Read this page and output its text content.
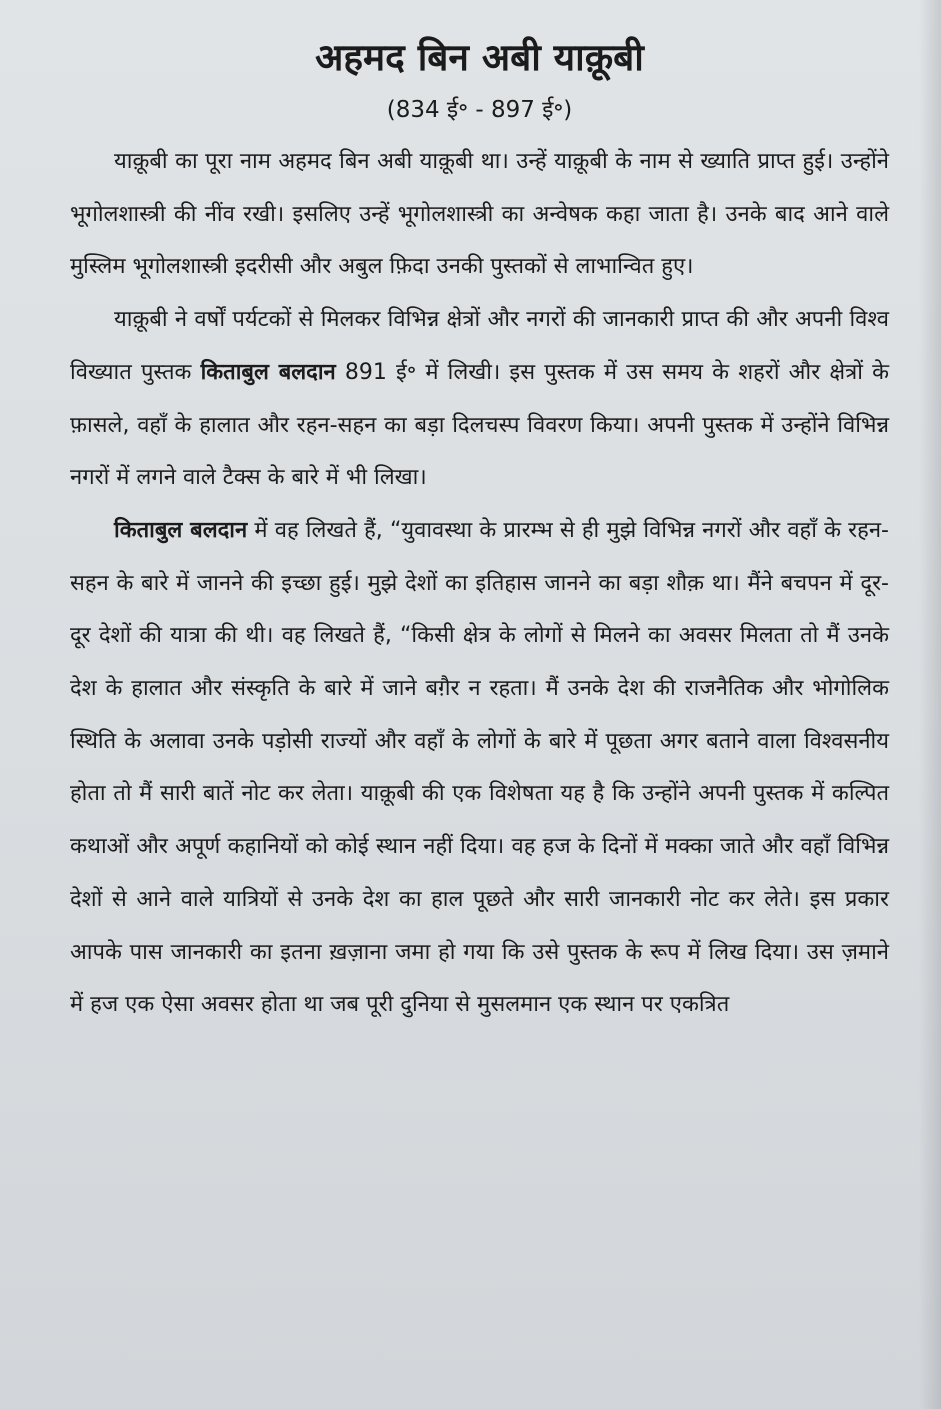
अहमद बिन अबी याक़ूबी
(834 ई॰ - 897 ई॰)

याक़ूबी का पूरा नाम अहमद बिन अबी याक़ूबी था। उन्हें याक़ूबी के नाम से ख्याति प्राप्त हुई। उन्होंने भूगोलशास्त्री की नींव रखी। इसलिए उन्हें भूगोलशास्त्री का अन्वेषक कहा जाता है। उनके बाद आने वाले मुस्लिम भूगोलशास्त्री इदरीसी और अबुल फ़िदा उनकी पुस्तकों से लाभान्वित हुए।

याक़ूबी ने वर्षों पर्यटकों से मिलकर विभिन्न क्षेत्रों और नगरों की जानकारी प्राप्त की और अपनी विश्व विख्यात पुस्तक किताबुल बलदान 891 ई॰ में लिखी। इस पुस्तक में उस समय के शहरों और क्षेत्रों के फ़ासले, वहाँ के हालात और रहन-सहन का बड़ा दिलचस्प विवरण किया। अपनी पुस्तक में उन्होंने विभिन्न नगरों में लगने वाले टैक्स के बारे में भी लिखा।

किताबुल बलदान में वह लिखते हैं, “युवावस्था के प्रारम्भ से ही मुझे विभिन्न नगरों और वहाँ के रहन-सहन के बारे में जानने की इच्छा हुई। मुझे देशों का इतिहास जानने का बड़ा शौक़ था। मैंने बचपन में दूर-दूर देशों की यात्रा की थी। वह लिखते हैं, “किसी क्षेत्र के लोगों से मिलने का अवसर मिलता तो मैं उनके देश के हालात और संस्कृति के बारे में जाने बग़ैर न रहता। मैं उनके देश की राजनैतिक और भोगोलिक स्थिति के अलावा उनके पड़ोसी राज्यों और वहाँ के लोगों के बारे में पूछता अगर बताने वाला विश्वसनीय होता तो मैं सारी बातें नोट कर लेता। याक़ूबी की एक विशेषता यह है कि उन्होंने अपनी पुस्तक में कल्पित कथाओं और अपूर्ण कहानियों को कोई स्थान नहीं दिया। वह हज के दिनों में मक्का जाते और वहाँ विभिन्न देशों से आने वाले यात्रियों से उनके देश का हाल पूछते और सारी जानकारी नोट कर लेते। इस प्रकार आपके पास जानकारी का इतना ख़ज़ाना जमा हो गया कि उसे पुस्तक के रूप में लिख दिया। उस ज़माने में हज एक ऐसा अवसर होता था जब पूरी दुनिया से मुसलमान एक स्थान पर एकत्रित
